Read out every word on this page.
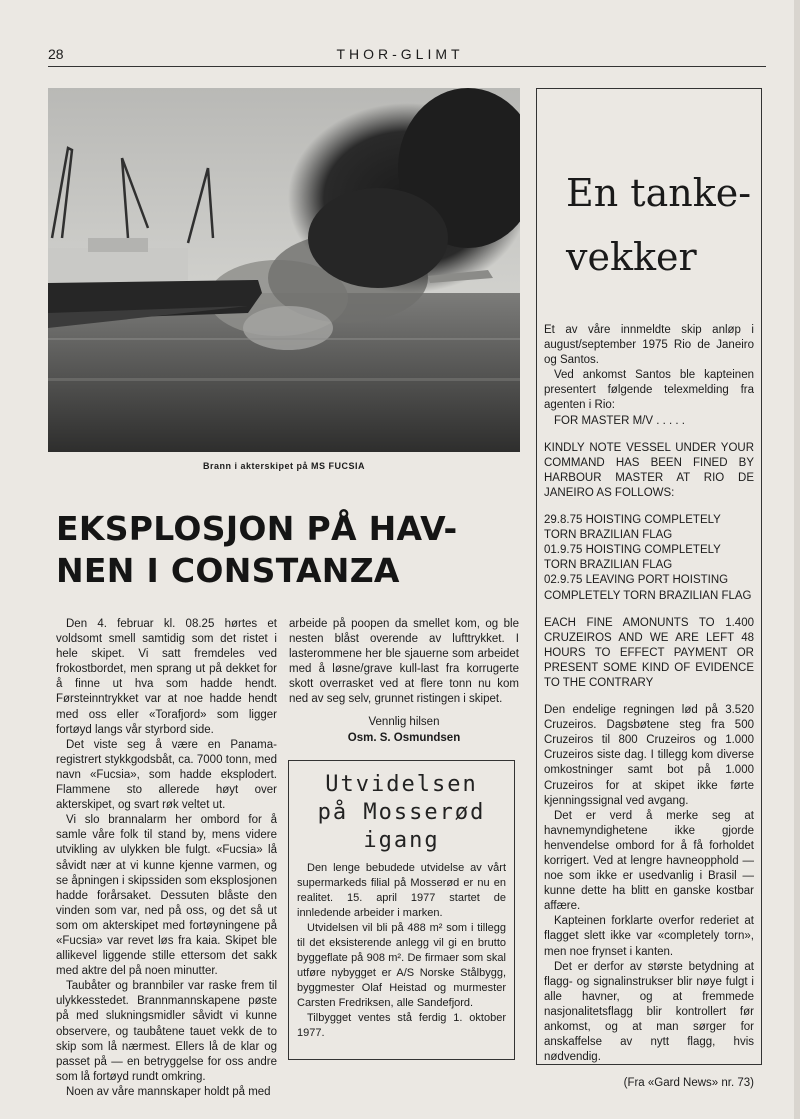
28	THOR-GLIMT
Brann i akterskipet på MS FUCSIA
EKSPLOSJON PÅ HAV-
NEN I CONSTANZA

Den 4. februar kl. 08.25 hørtes et voldsomt smell samtidig som det ristet i hele skipet. Vi satt fremdeles ved frokostbordet, men sprang ut på dekket for å finne ut hva som hadde hendt. Førsteinntrykket var at noe hadde hendt med oss eller «Torafjord» som ligger fortøyd langs vår styrbord side.

Det viste seg å være en Panama-registrert stykkgodsbåt, ca. 7000 tonn, med navn «Fucsia», som hadde eksplodert. Flammene sto allerede høyt over akterskipet, og svart røk veltet ut.

Vi slo brannalarm her ombord for å samle våre folk til stand by, mens videre utvikling av ulykken ble fulgt. «Fucsia» lå såvidt nær at vi kunne kjenne varmen, og se åpningen i skipssiden som eksplosjonen hadde forårsaket. Dessuten blåste den vinden som var, ned på oss, og det så ut som om akterskipet med fortøyningene på «Fucsia» var revet løs fra kaia. Skipet ble allikevel liggende stille ettersom det sakk med aktre del på noen minutter.

Taubåter og brannbiler var raske frem til ulykkesstedet. Brannmannskapene pøste på med slukningsmidler såvidt vi kunne observere, og taubåtene tauet vekk de to skip som lå nærmest. Ellers lå de klar og passet på — en betryggelse for oss andre som lå fortøyd rundt omkring.

Noen av våre mannskaper holdt på med

arbeide på poopen da smellet kom, og ble nesten blåst overende av lufttrykket. I lasterommene her ble sjauerne som arbeidet med å løsne/grave kull-last fra korrugerte skott overrasket ved at flere tonn nu kom ned av seg selv, grunnet ristingen i skipet.

Vennlig hilsen
Osm. S. Osmundsen
Utvidelsen
på Mosserød
igang

Den lenge bebudede utvidelse av vårt supermarkeds filial på Mosserød er nu en realitet. 15. april 1977 startet de innledende arbeider i marken.

Utvidelsen vil bli på 488 m² som i tillegg til det eksisterende anlegg vil gi en brutto byggeflate på 908 m². De firmaer som skal utføre nybygget er A/S Norske Stålbygg, byggmester Olaf Heistad og murmester Carsten Fredriksen, alle Sandefjord.

Tilbygget ventes stå ferdig 1. oktober 1977.

En tanke-
vekker

Et av våre innmeldte skip anløp i august/september 1975 Rio de Janeiro og Santos.

Ved ankomst Santos ble kapteinen presentert følgende telexmelding fra agenten i Rio:

FOR MASTER M/V . . . . .

KINDLY NOTE VESSEL UNDER YOUR COMMAND HAS BEEN FINED BY HARBOUR MASTER AT RIO DE JANEIRO AS FOLLOWS:
29.8.75 HOISTING COMPLETELY TORN BRAZILIAN FLAG
01.9.75 HOISTING COMPLETELY TORN BRAZILIAN FLAG
02.9.75 LEAVING PORT HOISTING COMPLETELY TORN BRAZILIAN FLAG
EACH FINE AMONUNTS TO 1.400 CRUZEIROS AND WE ARE LEFT 48 HOURS TO EFFECT PAYMENT OR PRESENT SOME KIND OF EVIDENCE TO THE CONTRARY

Den endelige regningen lød på 3.520 Cruzeiros. Dagsbøtene steg fra 500 Cruzeiros til 800 Cruzeiros og 1.000 Cruzeiros siste dag. I tillegg kom diverse omkostninger samt bot på 1.000 Cruzeiros for at skipet ikke førte kjenningssignal ved avgang.

Det er verd å merke seg at havnemyndighetene ikke gjorde henvendelse ombord for å få forholdet korrigert. Ved at lengre havneopphold — noe som ikke er usedvanlig i Brasil — kunne dette ha blitt en ganske kostbar affære.

Kapteinen forklarte overfor rederiet at flagget slett ikke var «completely torn», men noe frynset i kanten.

Det er derfor av største betydning at flagg- og signalinstrukser blir nøye fulgt i alle havner, og at fremmede nasjonalitetsflagg blir kontrollert før ankomst, og at man sørger for anskaffelse av nytt flagg, hvis nødvendig.

(Fra «Gard News» nr. 73)
